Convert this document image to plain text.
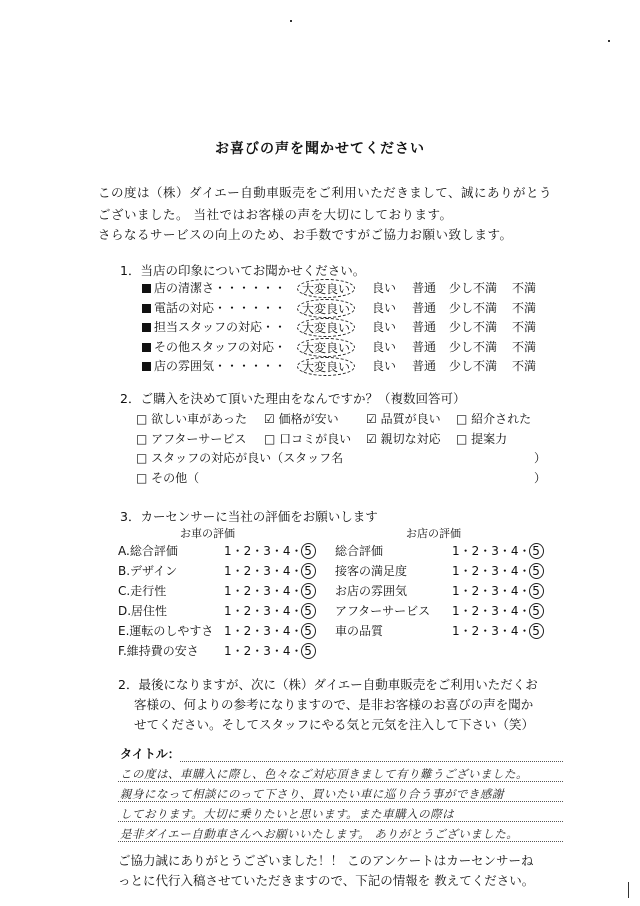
お喜びの声を聞かせてください
この度は（株）ダイエー自動車販売をご利用いただきまして、誠にありがとう
ございました。 当社ではお客様の声を大切にしております。
さらなるサービスの向上のため、お手数ですがご協力お願い致します。
1．当店の印象についてお聞かせください。
店の清潔さ・・・・・・	大変良い	良い 普通 少し不満 不満
電話の対応・・・・・・	大変良い	良い 普通 少し不満 不満
担当スタッフの対応・・	大変良い	良い 普通 少し不満 不満
その他スタッフの対応・	大変良い	良い 普通 少し不満 不満
店の雰囲気・・・・・・	大変良い	良い 普通 少し不満 不満
2．ご購入を決めて頂いた理由をなんですか？（複数回答可）
□ 欲しい車があった ☑ 価格が安い ☑ 品質が良い □ 紹介された
□ アフターサービス □ 口コミが良い ☑ 親切な対応 □ 提案力
□ スタッフの対応が良い（スタッフ名	）
□ その他（	）
3．カーセンサーに当社の評価をお願いします
お車の評価	お店の評価
A.総合評価	1・2・3・4・ 5
B.デザイン	1・2・3・4・ 5
C.走行性	1・2・3・4・ 5
D.居住性	1・2・3・4・ 5
E.運転のしやすさ 1・2・3・4・ 5
F.維持費の安さ 1・2・3・4・ 5
総合評価	1・2・3・4・ 5
接客の満足度	1・2・3・4・ 5
お店の雰囲気	1・2・3・4・ 5
アフターサービス 1・2・3・4・ 5
車の品質	1・2・3・4・ 5
2．最後になりますが、次に（株）ダイエー自動車販売をご利用いただくお
客様の、何よりの参考になりますので、是非お客様のお喜びの声を聞か
せてください。そしてスタッフにやる気と元気を注入して下さい（笑）
タイトル：
この度は、車購入に際し、色々なご対応頂きまして有り難うございました。
親身になって相談にのって下さり、買いたい車に巡り合う事ができ感謝
しております。大切に乗りたいと思います。また車購入の際は
是非ダイエー自動車さんへお願いいたします。 ありがとうございました。
ご協力誠にありがとうございました！！ このアンケートはカーセンサーね
っとに代行入稿させていただきますので、下記の情報を 教えてください。
